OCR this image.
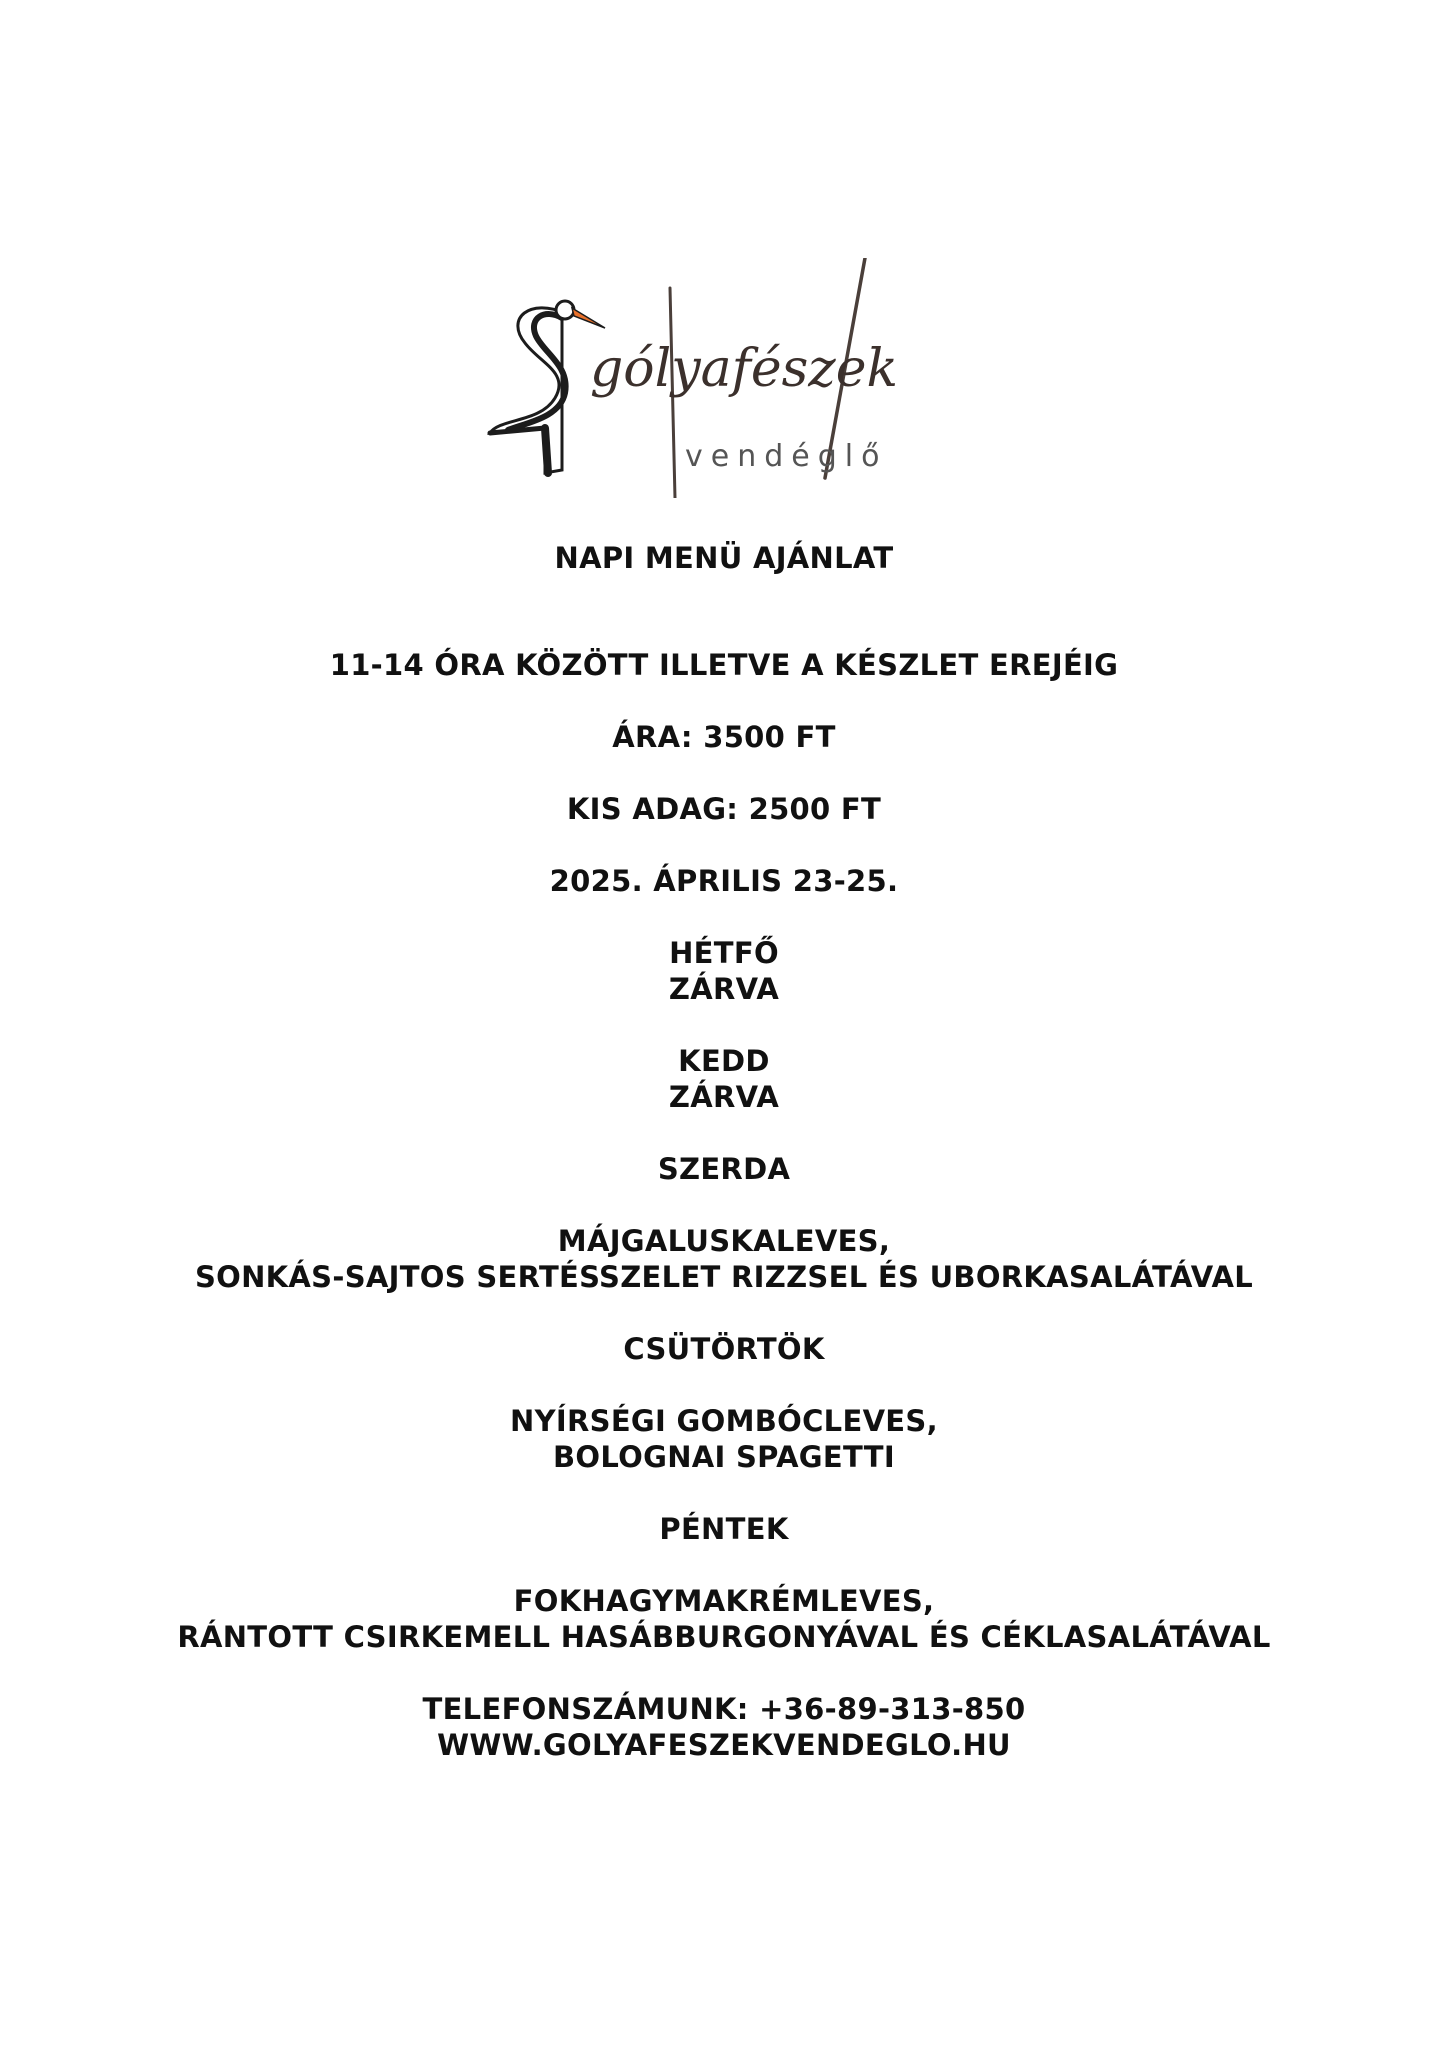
gólyafészek
vendéglő

NAPI MENÜ AJÁNLAT

11-14 ÓRA KÖZÖTT ILLETVE A KÉSZLET EREJÉIG

ÁRA: 3500 FT

KIS ADAG: 2500 FT

2025. ÁPRILIS 23-25.

HÉTFŐ

ZÁRVA

KEDD

ZÁRVA

SZERDA

MÁJGALUSKALEVES,

SONKÁS-SAJTOS SERTÉSSZELET RIZZSEL ÉS UBORKASALÁTÁVAL

CSÜTÖRTÖK

NYÍRSÉGI GOMBÓCLEVES,

BOLOGNAI SPAGETTI

PÉNTEK

FOKHAGYMAKRÉMLEVES,

RÁNTOTT CSIRKEMELL HASÁBBURGONYÁVAL ÉS CÉKLASALÁTÁVAL

TELEFONSZÁMUNK: +36-89-313-850

WWW.GOLYAFESZEKVENDEGLO.HU
